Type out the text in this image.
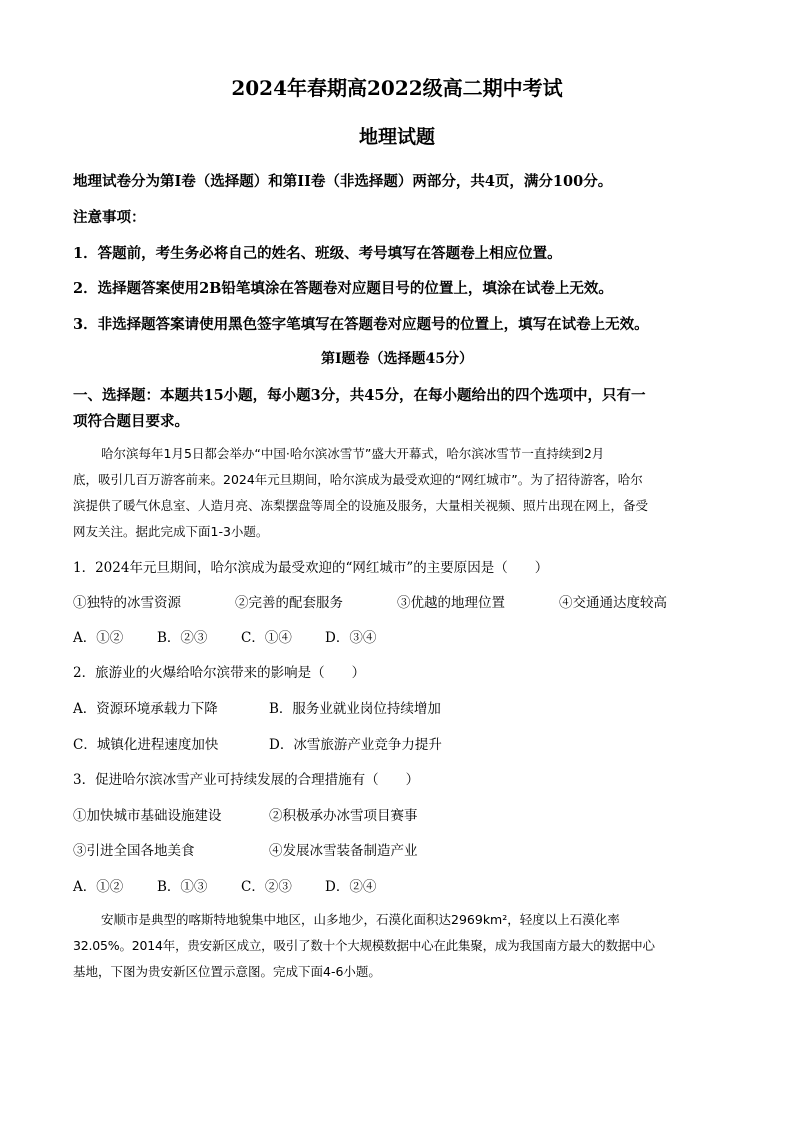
2024年春期高2022级高二期中考试
地理试题
地理试卷分为第Ⅰ卷（选择题）和第II卷（非选择题）两部分，共4页，满分100分。
注意事项：
1．答题前，考生务必将自己的姓名、班级、考号填写在答题卷上相应位置。
2．选择题答案使用2B铅笔填涂在答题卷对应题目号的位置上，填涂在试卷上无效。
3．非选择题答案请使用黑色签字笔填写在答题卷对应题号的位置上，填写在试卷上无效。
第Ⅰ题卷（选择题45分）
一、选择题：本题共15小题，每小题3分，共45分，在每小题给出的四个选项中，只有一
项符合题目要求。
哈尔滨每年1月5日都会举办“中国·哈尔滨冰雪节”盛大开幕式，哈尔滨冰雪节一直持续到2月
底，吸引几百万游客前来。2024年元旦期间，哈尔滨成为最受欢迎的“网红城市”。为了招待游客，哈尔
滨提供了暖气休息室、人造月亮、冻梨摆盘等周全的设施及服务，大量相关视频、照片出现在网上，备受
网友关注。据此完成下面1-3小题。
1．2024年元旦期间，哈尔滨成为最受欢迎的“网红城市”的主要原因是（　　）
①独特的冰雪资源	②完善的配套服务	③优越的地理位置	④交通通达度较高
A．①②	B．②③	C．①④	D．③④
2．旅游业的火爆给哈尔滨带来的影响是（　　）
A．资源环境承载力下降	B．服务业就业岗位持续增加
C．城镇化进程速度加快	D．冰雪旅游产业竞争力提升
3．促进哈尔滨冰雪产业可持续发展的合理措施有（　　）
①加快城市基础设施建设	②积极承办冰雪项目赛事
③引进全国各地美食	④发展冰雪装备制造产业
A．①②	B．①③	C．②③	D．②④
安顺市是典型的喀斯特地貌集中地区，山多地少，石漠化面积达2969km²，轻度以上石漠化率
32.05%。2014年，贵安新区成立，吸引了数十个大规模数据中心在此集聚，成为我国南方最大的数据中心
基地，下图为贵安新区位置示意图。完成下面4-6小题。
